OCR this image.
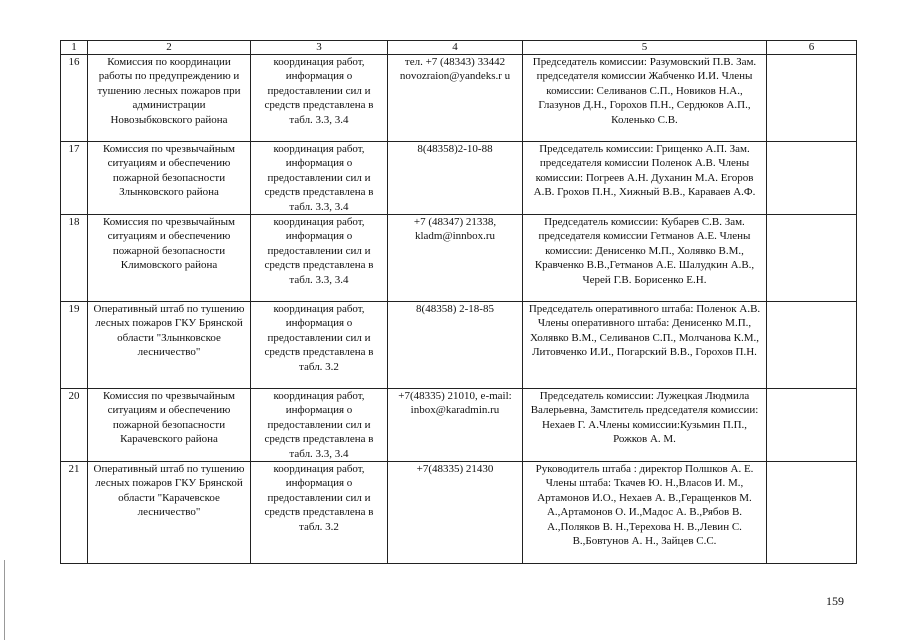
1	2	3	4	5	6
16	Комиссия по координации работы по предупреждению и тушению лесных пожаров при администрации Новозыбковского района	координация работ, информация о предоставлении сил и средств представлена в табл. 3.3, 3.4	тел. +7 (48343) 33442 novozraion@yandeks.r u	Председатель комиссии: Разумовский П.В. Зам. председателя комиссии Жабченко И.И. Члены комиссии: Селиванов С.П., Новиков Н.А., Глазунов Д.Н., Горохов П.Н., Сердюков А.П., Коленько С.В.	
17	Комиссия по чрезвычайным ситуациям и обеспечению пожарной безопасности Злынковского района	координация работ, информация о предоставлении сил и средств представлена в табл. 3.3, 3.4	8(48358)2-10-88	Председатель комиссии: Грищенко А.П. Зам. председателя комиссии Поленок А.В. Члены комиссии: Погреев А.Н. Духанин М.А. Егоров А.В. Грохов П.Н., Хижный В.В., Караваев А.Ф.	
18	Комиссия по чрезвычайным ситуациям и обеспечению пожарной безопасности Климовского района	координация работ, информация о предоставлении сил и средств представлена в табл. 3.3, 3.4	+7 (48347) 21338, kladm@innbox.ru	Председатель комиссии: Кубарев С.В. Зам. председателя комиссии Гетманов А.Е. Члены комиссии: Денисенко М.П., Холявко В.М., Кравченко В.В.,Гетманов А.Е. Шалудкин А.В., Черей Г.В. Борисенко Е.Н.	
19	Оперативный штаб по тушению лесных пожаров ГКУ Брянской области "Злынковское лесничество"	координация работ, информация о предоставлении сил и средств представлена в табл. 3.2	8(48358) 2-18-85	Председатель оперативного штаба: Поленок А.В. Члены оперативного штаба: Денисенко М.П., Холявко В.М., Селиванов С.П., Молчанова К.М., Литовченко И.И., Погарский В.В., Горохов П.Н.	
20	Комиссия по чрезвычайным ситуациям и обеспечению пожарной безопасности Карачевского района	координация работ, информация о предоставлении сил и средств представлена в табл. 3.3, 3.4	+7(48335) 21010, e-mail: inbox@karadmin.ru	Председатель комиссии: Лужецкая Людмила Валерьевна, Замститель председателя комиссии: Нехаев Г. А.Члены комиссии:Кузьмин П.П., Рожков А. М.	
21	Оперативный штаб по тушению лесных пожаров ГКУ Брянской области "Карачевское лесничество"	координация работ, информация о предоставлении сил и средств представлена в табл. 3.2	+7(48335) 21430	Руководитель штаба : директор Полшков А. Е. Члены штаба: Ткачев Ю. Н.,Власов И. М., Артамонов И.О., Нехаев А. В.,Геращенков М. А.,Артамонов О. И.,Мадос А. В.,Рябов В. А.,Поляков В. Н.,Терехова Н. В.,Левин С. В.,Бовтунов А. Н., Зайцев С.С.	
159
